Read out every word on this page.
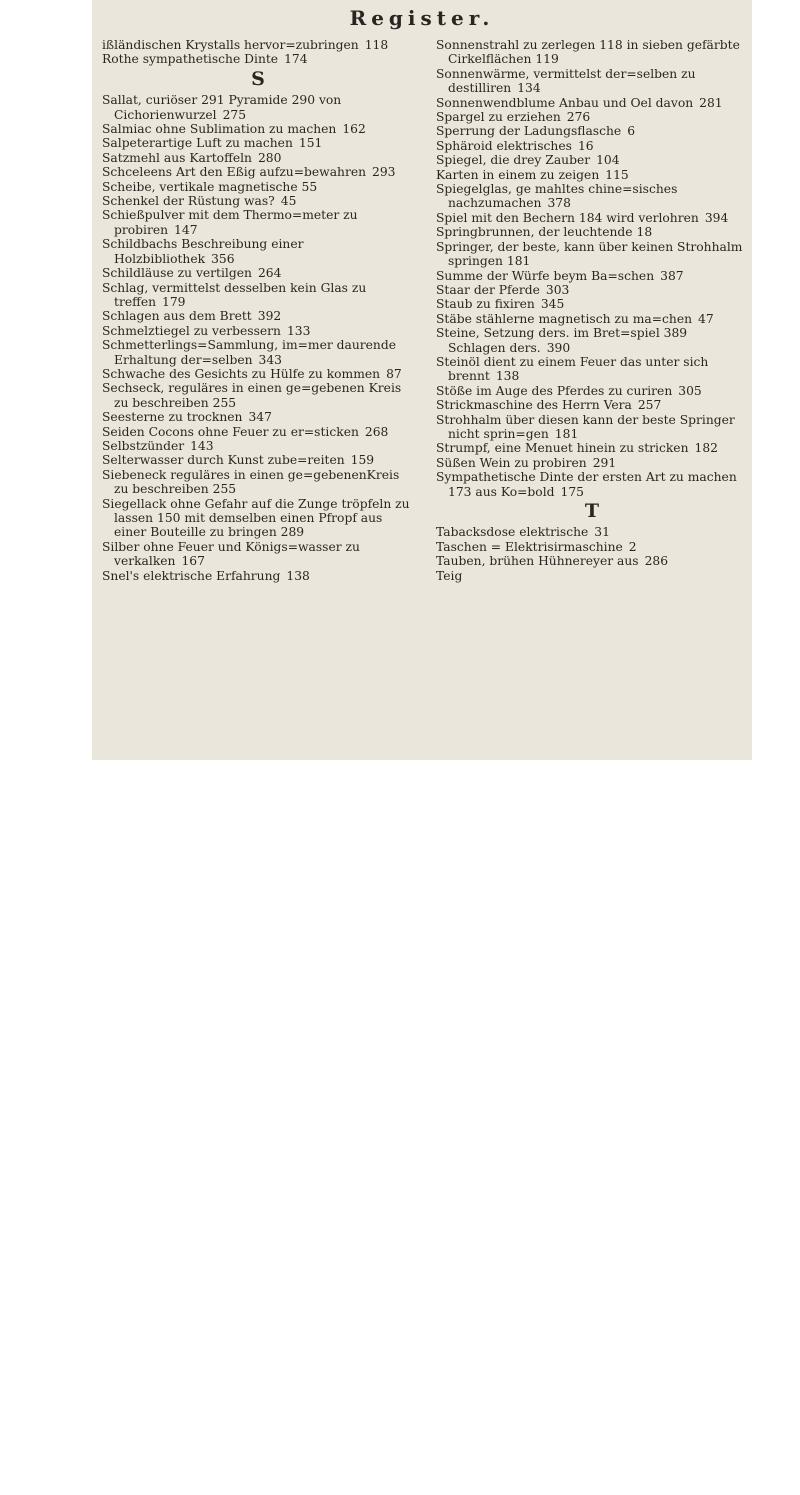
Register.
ißländischen Krystalls hervor=zubringen 118
Rothe sympathetische Dinte 174
S
Sallat, curiöser 291 Pyramide 290 von Cichorienwurzel 275
Salmiac ohne Sublimation zu machen 162
Salpeterartige Luft zu machen 151
Satzmehl aus Kartoffeln 280
Schceleens Art den Eßig aufzu=bewahren 293
Scheibe, vertikale magnetische 55
Schenkel der Rüstung was? 45
Schießpulver mit dem Thermo=meter zu probiren 147
Schildbachs Beschreibung einer Holzbibliothek 356
Schildläuse zu vertilgen 264
Schlag, vermittelst desselben kein Glas zu treffen 179
Schlagen aus dem Brett 392
Schmelztiegel zu verbessern 133
Schmetterlings=Sammlung, im=mer daurende Erhaltung der=selben 343
Schwache des Gesichts zu Hülfe zu kommen 87
Sechseck, reguläres in einen ge=gebenen Kreis zu beschreiben 255
Seesterne zu trocknen 347
Seiden Cocons ohne Feuer zu er=sticken 268
Selbstzünder 143
Selterwasser durch Kunst zube=reiten 159
Siebeneck reguläres in einen ge=gebenenKreis zu beschreiben 255
Siegellack ohne Gefahr auf die Zunge tröpfeln zu lassen 150 mit demselben einen Pfropf aus einer Bouteille zu bringen 289
Silber ohne Feuer und Königs=wasser zu verkalken 167
Snel's elektrische Erfahrung 138
Sonnenstrahl zu zerlegen 118 in sieben gefärbte Cirkelflächen 119
Sonnenwärme, vermittelst der=selben zu destilliren 134
Sonnenwendblume Anbau und Oel davon 281
Spargel zu erziehen 276
Sperrung der Ladungsflasche 6
Sphäroid elektrisches 16
Spiegel, die drey Zauber 104
Karten in einem zu zeigen 115
Spiegelglas, ge mahltes chine=sisches nachzumachen 378
Spiel mit den Bechern 184 wird verlohren 394
Springbrunnen, der leuchtende 18
Springer, der beste, kann über keinen Strohhalm springen 181
Summe der Würfe beym Ba=schen 387
Staar der Pferde 303
Staub zu fixiren 345
Stäbe stählerne magnetisch zu ma=chen 47
Steine, Setzung ders. im Bret=spiel 389 Schlagen ders. 390
Steinöl dient zu einem Feuer das unter sich brennt 138
Stöße im Auge des Pferdes zu curiren 305
Strickmaschine des Herrn Vera 257
Strohhalm über diesen kann der beste Springer nicht sprin=gen 181
Strumpf, eine Menuet hinein zu stricken 182
Süßen Wein zu probiren 291
Sympathetische Dinte der ersten Art zu machen 173 aus Ko=bold 175
T
Tabacksdose elektrische 31
Taschen = Elektrisirmaschine 2
Tauben, brühen Hühnereyer aus 286
Teig
